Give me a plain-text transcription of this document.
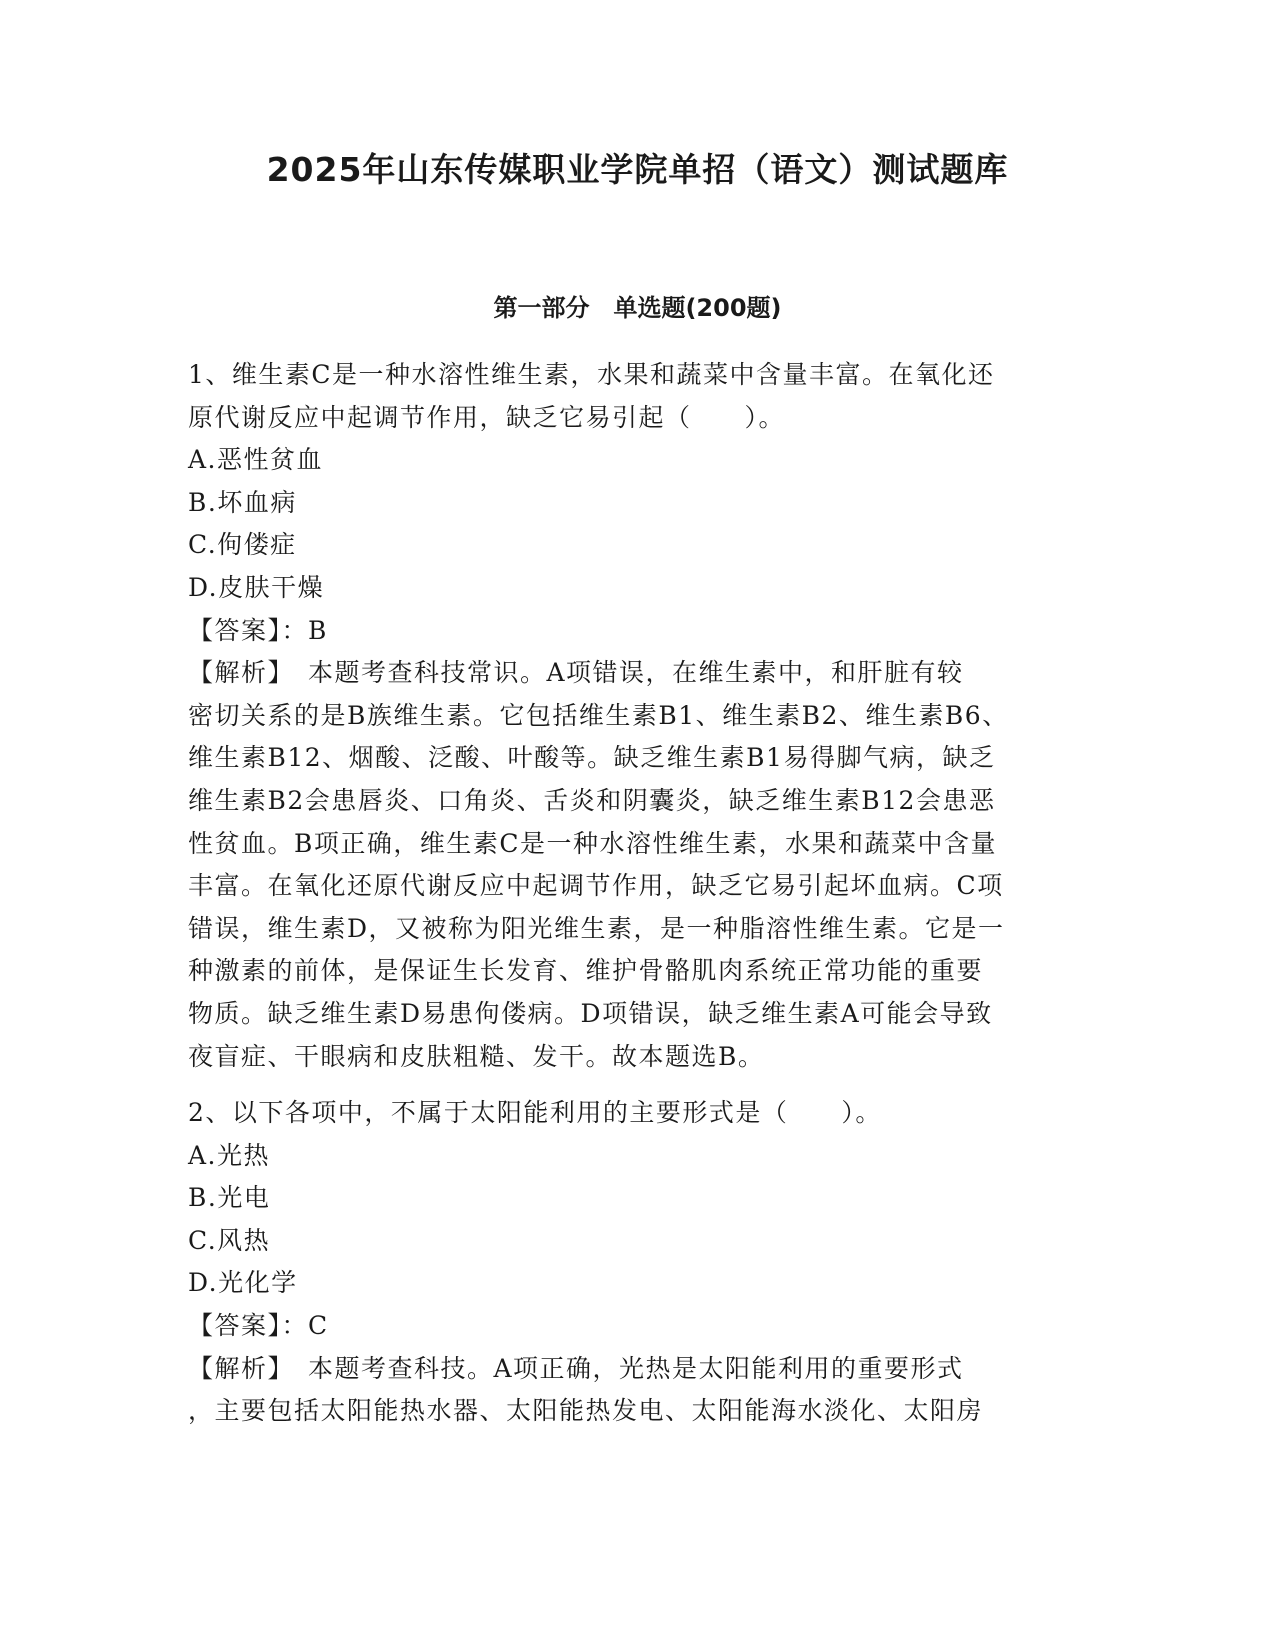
2025年山东传媒职业学院单招（语文）测试题库
第一部分　单选题(200题)
1、维生素C是一种水溶性维生素，水果和蔬菜中含量丰富。在氧化还
原代谢反应中起调节作用，缺乏它易引起（　　）。
A.恶性贫血
B.坏血病
C.佝偻症
D.皮肤干燥
【答案】：B
【解析】　本题考查科技常识。A项错误，在维生素中，和肝脏有较
密切关系的是B族维生素。它包括维生素B1、维生素B2、维生素B6、
维生素B12、烟酸、泛酸、叶酸等。缺乏维生素B1易得脚气病，缺乏
维生素B2会患唇炎、口角炎、舌炎和阴囊炎，缺乏维生素B12会患恶
性贫血。B项正确，维生素C是一种水溶性维生素，水果和蔬菜中含量
丰富。在氧化还原代谢反应中起调节作用，缺乏它易引起坏血病。C项
错误，维生素D，又被称为阳光维生素，是一种脂溶性维生素。它是一
种激素的前体，是保证生长发育、维护骨骼肌肉系统正常功能的重要
物质。缺乏维生素D易患佝偻病。D项错误，缺乏维生素A可能会导致
夜盲症、干眼病和皮肤粗糙、发干。故本题选B。
2、以下各项中，不属于太阳能利用的主要形式是（　　）。
A.光热
B.光电
C.风热
D.光化学
【答案】：C
【解析】　本题考查科技。A项正确，光热是太阳能利用的重要形式
，主要包括太阳能热水器、太阳能热发电、太阳能海水淡化、太阳房
